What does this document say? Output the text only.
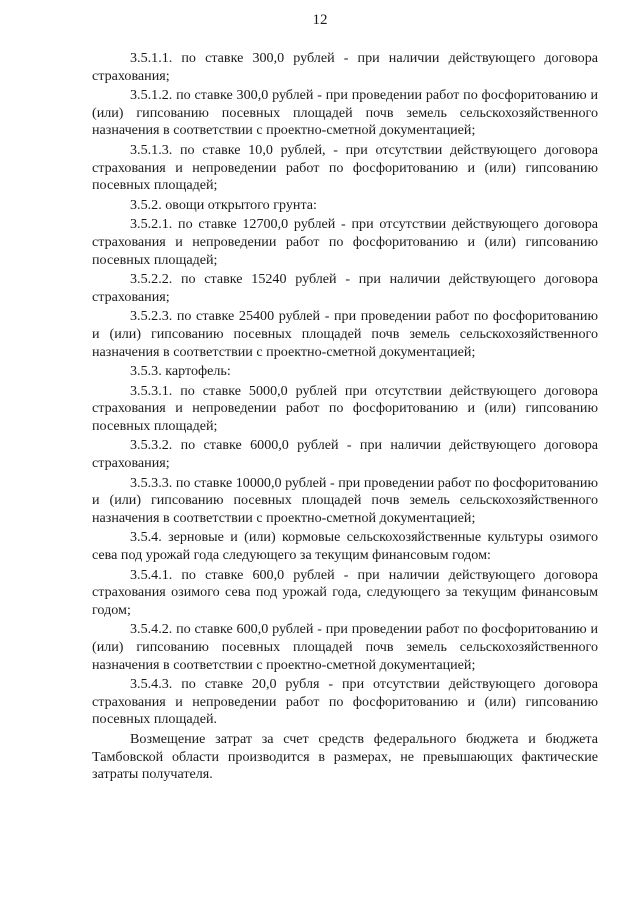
12

3.5.1.1. по ставке 300,0 рублей - при наличии действующего договора страхования;

3.5.1.2. по ставке 300,0 рублей - при проведении работ по фосфоритованию и (или) гипсованию посевных площадей почв земель сельскохозяйственного назначения в соответствии с проектно-сметной документацией;

3.5.1.3. по ставке 10,0 рублей, - при отсутствии действующего договора страхования и непроведении работ по фосфоритованию и (или) гипсованию посевных площадей;

3.5.2. овощи открытого грунта:

3.5.2.1. по ставке 12700,0 рублей - при отсутствии действующего договора страхования и непроведении работ по фосфоритованию и (или) гипсованию посевных площадей;

3.5.2.2. по ставке 15240 рублей - при наличии действующего договора страхования;

3.5.2.3. по ставке 25400 рублей - при проведении работ по фосфоритованию и (или) гипсованию посевных площадей почв земель сельскохозяйственного назначения в соответствии с проектно-сметной документацией;

3.5.3. картофель:

3.5.3.1. по ставке 5000,0 рублей при отсутствии действующего договора страхования и непроведении работ по фосфоритованию и (или) гипсованию посевных площадей;

3.5.3.2. по ставке 6000,0 рублей - при наличии действующего договора страхования;

3.5.3.3. по ставке 10000,0 рублей - при проведении работ по фосфоритованию и (или) гипсованию посевных площадей почв земель сельскохозяйственного назначения в соответствии с проектно-сметной документацией;

3.5.4. зерновые и (или) кормовые сельскохозяйственные культуры озимого сева под урожай года следующего за текущим финансовым годом:

3.5.4.1. по ставке 600,0 рублей - при наличии действующего договора страхования озимого сева под урожай года, следующего за текущим финансовым годом;

3.5.4.2. по ставке 600,0 рублей - при проведении работ по фосфоритованию и (или) гипсованию посевных площадей почв земель сельскохозяйственного назначения в соответствии с проектно-сметной документацией;

3.5.4.3. по ставке 20,0 рубля - при отсутствии действующего договора страхования и непроведении работ по фосфоритованию и (или) гипсованию посевных площадей.

Возмещение затрат за счет средств федерального бюджета и бюджета Тамбовской области производится в размерах, не превышающих фактические затраты получателя.
